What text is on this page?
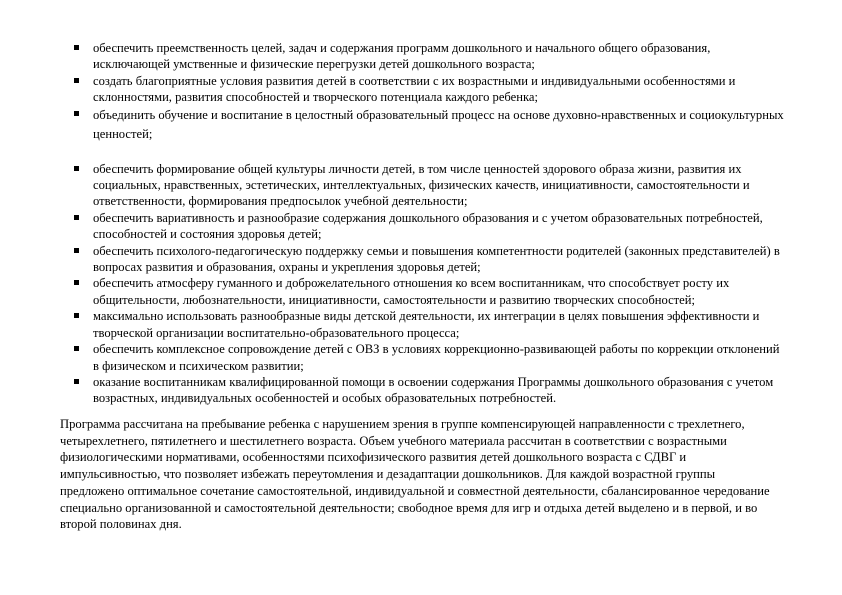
обеспечить преемственность целей, задач и содержания программ дошкольного и начального общего образования, исключающей умственные и физические перегрузки детей дошкольного возраста;
создать благоприятные условия развития детей в соответствии с их возрастными и индивидуальными особенностями и склонностями, развития способностей и творческого потенциала каждого ребенка;
объединить обучение и воспитание в целостный образовательный процесс на основе духовно-нравственных и социокультурных ценностей;
обеспечить формирование общей культуры личности детей, в том числе ценностей здорового образа жизни, развития их социальных, нравственных, эстетических, интеллектуальных, физических качеств, инициативности, самостоятельности и ответственности, формирования предпосылок учебной деятельности;
обеспечить вариативность и разнообразие содержания дошкольного образования и с учетом образовательных потребностей, способностей и состояния здоровья детей;
обеспечить психолого-педагогическую поддержку семьи и повышения компетентности родителей (законных представителей) в вопросах развития и образования, охраны и укрепления здоровья детей;
обеспечить атмосферу гуманного и доброжелательного отношения ко всем воспитанникам, что способствует росту их общительности, любознательности, инициативности, самостоятельности и развитию творческих способностей;
максимально использовать разнообразные виды детской деятельности, их интеграции в целях повышения эффективности и творческой организации воспитательно-образовательного процесса;
обеспечить комплексное сопровождение детей с ОВЗ в условиях коррекционно-развивающей работы по коррекции отклонений в физическом и психическом развитии;
оказание воспитанникам квалифицированной помощи в освоении содержания Программы дошкольного образования с учетом возрастных, индивидуальных особенностей и особых образовательных потребностей.

Программа рассчитана на пребывание ребенка с нарушением зрения в группе компенсирующей направленности с трехлетнего, четырехлетнего, пятилетнего и шестилетнего возраста. Объем учебного материала рассчитан в соответствии с возрастными физиологическими нормативами, особенностями психофизического развития детей дошкольного возраста с СДВГ и импульсивностью, что позволяет избежать переутомления и дезадаптации дошкольников. Для каждой возрастной группы предложено оптимальное сочетание самостоятельной, индивидуальной и совместной деятельности, сбалансированное чередование специально организованной и самостоятельной деятельности; свободное время для игр и отдыха детей выделено и в первой, и во второй половинах дня.
